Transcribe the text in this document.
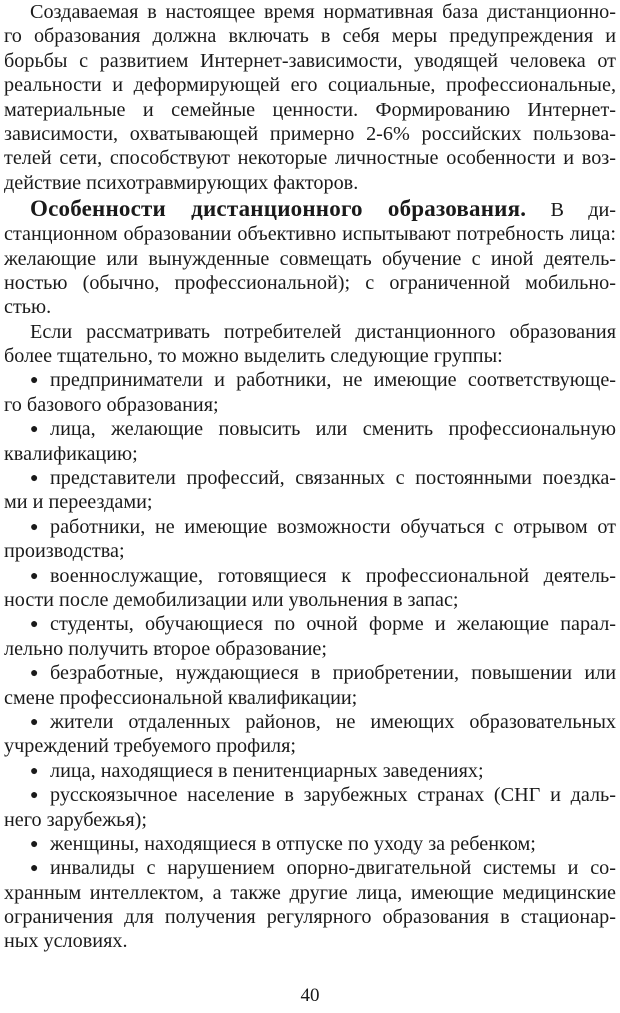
Создаваемая в настоящее время нормативная база дистанционно-
го образования должна включать в себя меры предупреждения и
борьбы с развитием Интернет-зависимости, уводящей человека от
реальности и деформирующей его социальные, профессиональные,
материальные и семейные ценности. Формированию Интернет-
зависимости, охватывающей примерно 2-6% российских пользова-
телей сети, способствуют некоторые личностные особенности и воз-
действие психотравмирующих факторов.
Особенности дистанционного образования. В ди-
станционном образовании объективно испытывают потребность лица:
желающие или вынужденные совмещать обучение с иной деятель-
ностью (обычно, профессиональной); с ограниченной мобильно-
стью.
Если рассматривать потребителей дистанционного образования
более тщательно, то можно выделить следующие группы:
● предприниматели и работники, не имеющие соответствующе-
го базового образования;
● лица, желающие повысить или сменить профессиональную
квалификацию;
● представители профессий, связанных с постоянными поездка-
ми и переездами;
● работники, не имеющие возможности обучаться с отрывом от
производства;
● военнослужащие, готовящиеся к профессиональной деятель-
ности после демобилизации или увольнения в запас;
● студенты, обучающиеся по очной форме и желающие парал-
лельно получить второе образование;
● безработные, нуждающиеся в приобретении, повышении или
смене профессиональной квалификации;
● жители отдаленных районов, не имеющих образовательных
учреждений требуемого профиля;
● лица, находящиеся в пенитенциарных заведениях;
● русскоязычное население в зарубежных странах (СНГ и даль-
него зарубежья);
● женщины, находящиеся в отпуске по уходу за ребенком;
● инвалиды с нарушением опорно-двигательной системы и со-
хранным интеллектом, а также другие лица, имеющие медицинские
ограничения для получения регулярного образования в стационар-
ных условиях.
40
